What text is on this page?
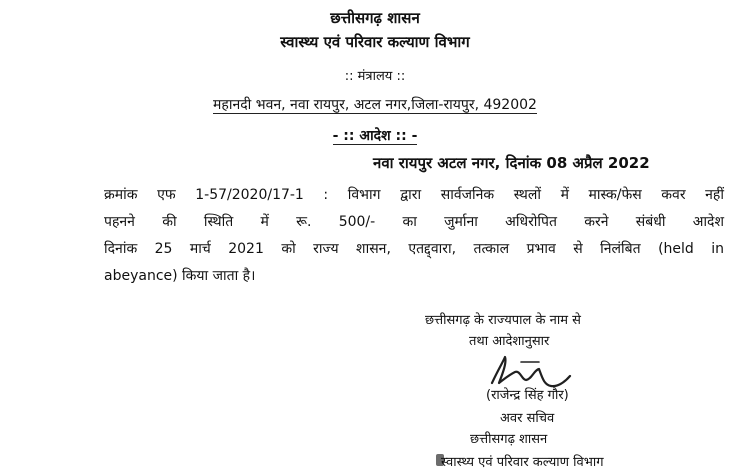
छत्तीसगढ़ शासन
स्वास्थ्य एवं परिवार कल्याण विभाग
:: मंत्रालय ::
महानदी भवन, नवा रायपुर, अटल नगर,जिला-रायपुर, 492002
- :: आदेश :: -
नवा रायपुर अटल नगर, दिनांक 08 अप्रैल 2022
क्रमांक एफ 1-57/2020/17-1 : विभाग द्वारा सार्वजनिक स्थलों में मास्क/फेस कवर नहीं
पहनने की स्थिति में रू. 500/- का जुर्माना अधिरोपित करने संबंधी आदेश
दिनांक 25 मार्च 2021 को राज्य शासन, एतद्द्वारा, तत्काल प्रभाव से निलंबित (held in
abeyance) किया जाता है।
छत्तीसगढ़ के राज्यपाल के नाम से
तथा आदेशानुसार
(राजेन्द्र सिंह गौर)
अवर सचिव
छत्तीसगढ़ शासन
स्वास्थ्य एवं परिवार कल्याण विभाग
